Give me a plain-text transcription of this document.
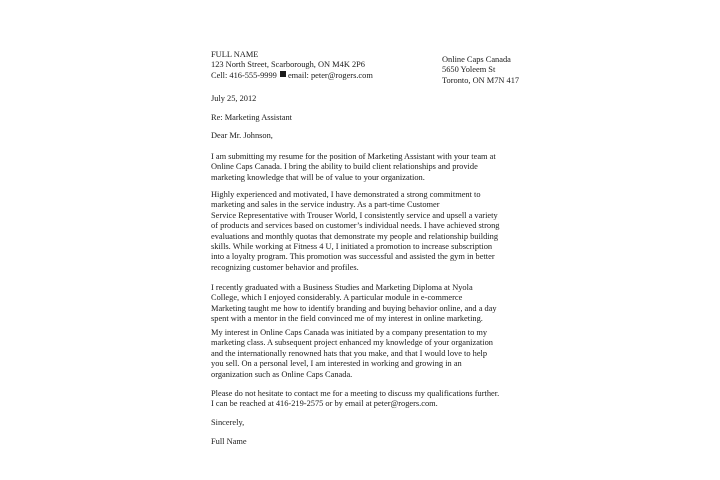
FULL NAME
123 North Street, Scarborough, ON M4K 2P6
Cell: 416-555-9999 email: peter@rogers.com
Online Caps Canada
5650 Yoleem St
Toronto, ON M7N 417
July 25, 2012
Re: Marketing Assistant
Dear Mr. Johnson,
I am submitting my resume for the position of Marketing Assistant with your team at
Online Caps Canada. I bring the ability to build client relationships and provide
marketing knowledge that will be of value to your organization.
Highly experienced and motivated, I have demonstrated a strong commitment to
marketing and sales in the service industry. As a part-time Customer
Service Representative with Trouser World, I consistently service and upsell a variety
of products and services based on customer’s individual needs. I have achieved strong
evaluations and monthly quotas that demonstrate my people and relationship building
skills. While working at Fitness 4 U, I initiated a promotion to increase subscription
into a loyalty program. This promotion was successful and assisted the gym in better
recognizing customer behavior and profiles.
I recently graduated with a Business Studies and Marketing Diploma at Nyola
College, which I enjoyed considerably. A particular module in e-commerce
Marketing taught me how to identify branding and buying behavior online, and a day
spent with a mentor in the field convinced me of my interest in online marketing.
My interest in Online Caps Canada was initiated by a company presentation to my
marketing class. A subsequent project enhanced my knowledge of your organization
and the internationally renowned hats that you make, and that I would love to help
you sell. On a personal level, I am interested in working and growing in an
organization such as Online Caps Canada.
Please do not hesitate to contact me for a meeting to discuss my qualifications further.
I can be reached at 416-219-2575 or by email at peter@rogers.com.
Sincerely,
Full Name
